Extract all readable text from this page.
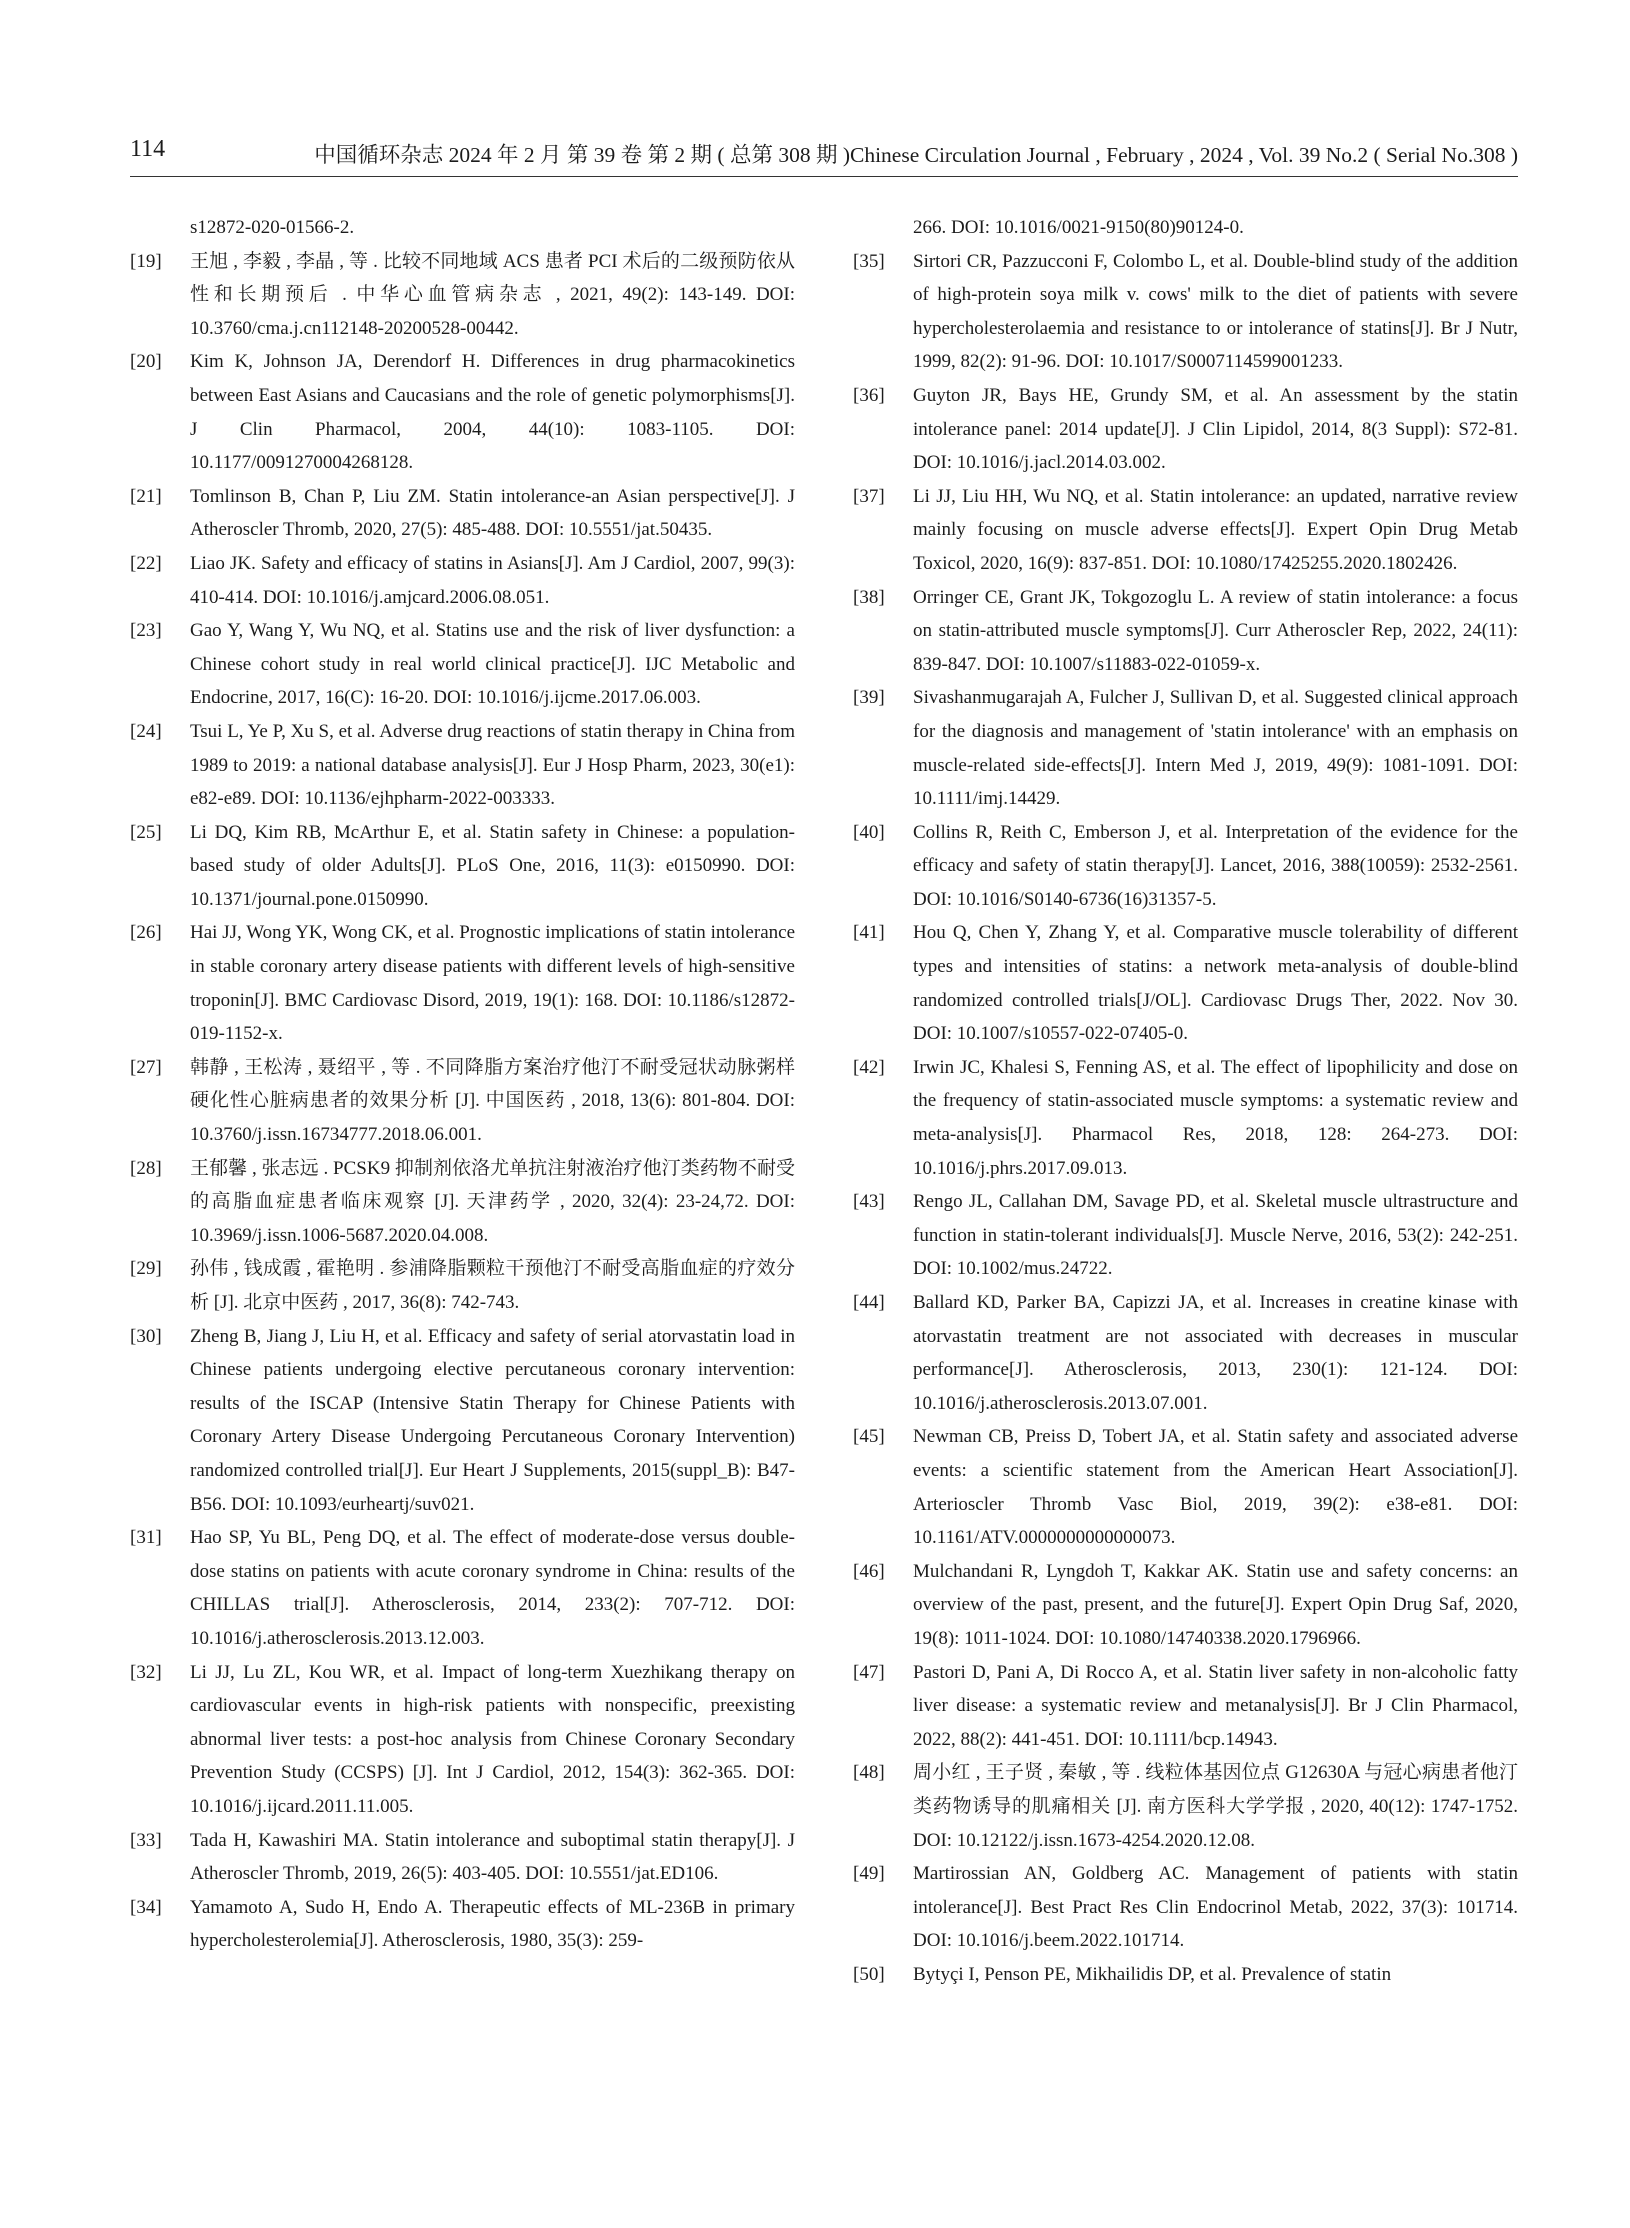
114	中国循环杂志 2024 年 2 月 第 39 卷 第 2 期 ( 总第 308 期 )Chinese Circulation Journal , February , 2024 , Vol. 39 No.2 ( Serial No.308 )
s12872-020-01566-2.
[19]	王旭 , 李毅 , 李晶 , 等 . 比较不同地域 ACS 患者 PCI 术后的二级预防依从性和长期预后 . 中华心血管病杂志 , 2021, 49(2): 143-149. DOI: 10.3760/cma.j.cn112148-20200528-00442.
[20]	Kim K, Johnson JA, Derendorf H. Differences in drug pharmacokinetics between East Asians and Caucasians and the role of genetic polymorphisms[J]. J Clin Pharmacol, 2004, 44(10): 1083-1105. DOI: 10.1177/0091270004268128.
[21]	Tomlinson B, Chan P, Liu ZM. Statin intolerance-an Asian perspective[J]. J Atheroscler Thromb, 2020, 27(5): 485-488. DOI: 10.5551/jat.50435.
[22]	Liao JK. Safety and efficacy of statins in Asians[J]. Am J Cardiol, 2007, 99(3): 410-414. DOI: 10.1016/j.amjcard.2006.08.051.
[23]	Gao Y, Wang Y, Wu NQ, et al. Statins use and the risk of liver dysfunction: a Chinese cohort study in real world clinical practice[J]. IJC Metabolic and Endocrine, 2017, 16(C): 16-20. DOI: 10.1016/j.ijcme.2017.06.003.
[24]	Tsui L, Ye P, Xu S, et al. Adverse drug reactions of statin therapy in China from 1989 to 2019: a national database analysis[J]. Eur J Hosp Pharm, 2023, 30(e1): e82-e89. DOI: 10.1136/ejhpharm-2022-003333.
[25]	Li DQ, Kim RB, McArthur E, et al. Statin safety in Chinese: a population-based study of older Adults[J]. PLoS One, 2016, 11(3): e0150990. DOI: 10.1371/journal.pone.0150990.
[26]	Hai JJ, Wong YK, Wong CK, et al. Prognostic implications of statin intolerance in stable coronary artery disease patients with different levels of high-sensitive troponin[J]. BMC Cardiovasc Disord, 2019, 19(1): 168. DOI: 10.1186/s12872-019-1152-x.
[27]	韩静 , 王松涛 , 聂绍平 , 等 . 不同降脂方案治疗他汀不耐受冠状动脉粥样硬化性心脏病患者的效果分析 [J]. 中国医药 , 2018, 13(6): 801-804. DOI: 10.3760/j.issn.16734777.2018.06.001.
[28]	王郁馨 , 张志远 . PCSK9 抑制剂依洛尤单抗注射液治疗他汀类药物不耐受的高脂血症患者临床观察 [J]. 天津药学 , 2020, 32(4): 23-24,72. DOI: 10.3969/j.issn.1006-5687.2020.04.008.
[29]	孙伟 , 钱成霞 , 霍艳明 . 参浦降脂颗粒干预他汀不耐受高脂血症的疗效分析 [J]. 北京中医药 , 2017, 36(8): 742-743.
[30]	Zheng B, Jiang J, Liu H, et al. Efficacy and safety of serial atorvastatin load in Chinese patients undergoing elective percutaneous coronary intervention: results of the ISCAP (Intensive Statin Therapy for Chinese Patients with Coronary Artery Disease Undergoing Percutaneous Coronary Intervention) randomized controlled trial[J]. Eur Heart J Supplements, 2015(suppl_B): B47-B56. DOI: 10.1093/eurheartj/suv021.
[31]	Hao SP, Yu BL, Peng DQ, et al. The effect of moderate-dose versus double-dose statins on patients with acute coronary syndrome in China: results of the CHILLAS trial[J]. Atherosclerosis, 2014, 233(2): 707-712. DOI: 10.1016/j.atherosclerosis.2013.12.003.
[32]	Li JJ, Lu ZL, Kou WR, et al. Impact of long-term Xuezhikang therapy on cardiovascular events in high-risk patients with nonspecific, preexisting abnormal liver tests: a post-hoc analysis from Chinese Coronary Secondary Prevention Study (CCSPS) [J]. Int J Cardiol, 2012, 154(3): 362-365. DOI: 10.1016/j.ijcard.2011.11.005.
[33]	Tada H, Kawashiri MA. Statin intolerance and suboptimal statin therapy[J]. J Atheroscler Thromb, 2019, 26(5): 403-405. DOI: 10.5551/jat.ED106.
[34]	Yamamoto A, Sudo H, Endo A. Therapeutic effects of ML-236B in primary hypercholesterolemia[J]. Atherosclerosis, 1980, 35(3): 259-
266. DOI: 10.1016/0021-9150(80)90124-0.
[35]	Sirtori CR, Pazzucconi F, Colombo L, et al. Double-blind study of the addition of high-protein soya milk v. cows' milk to the diet of patients with severe hypercholesterolaemia and resistance to or intolerance of statins[J]. Br J Nutr, 1999, 82(2): 91-96. DOI: 10.1017/S0007114599001233.
[36]	Guyton JR, Bays HE, Grundy SM, et al. An assessment by the statin intolerance panel: 2014 update[J]. J Clin Lipidol, 2014, 8(3 Suppl): S72-81. DOI: 10.1016/j.jacl.2014.03.002.
[37]	Li JJ, Liu HH, Wu NQ, et al. Statin intolerance: an updated, narrative review mainly focusing on muscle adverse effects[J]. Expert Opin Drug Metab Toxicol, 2020, 16(9): 837-851. DOI: 10.1080/17425255.2020.1802426.
[38]	Orringer CE, Grant JK, Tokgozoglu L. A review of statin intolerance: a focus on statin-attributed muscle symptoms[J]. Curr Atheroscler Rep, 2022, 24(11): 839-847. DOI: 10.1007/s11883-022-01059-x.
[39]	Sivashanmugarajah A, Fulcher J, Sullivan D, et al. Suggested clinical approach for the diagnosis and management of 'statin intolerance' with an emphasis on muscle-related side-effects[J]. Intern Med J, 2019, 49(9): 1081-1091. DOI: 10.1111/imj.14429.
[40]	Collins R, Reith C, Emberson J, et al. Interpretation of the evidence for the efficacy and safety of statin therapy[J]. Lancet, 2016, 388(10059): 2532-2561. DOI: 10.1016/S0140-6736(16)31357-5.
[41]	Hou Q, Chen Y, Zhang Y, et al. Comparative muscle tolerability of different types and intensities of statins: a network meta-analysis of double-blind randomized controlled trials[J/OL]. Cardiovasc Drugs Ther, 2022. Nov 30. DOI: 10.1007/s10557-022-07405-0.
[42]	Irwin JC, Khalesi S, Fenning AS, et al. The effect of lipophilicity and dose on the frequency of statin-associated muscle symptoms: a systematic review and meta-analysis[J]. Pharmacol Res, 2018, 128: 264-273. DOI: 10.1016/j.phrs.2017.09.013.
[43]	Rengo JL, Callahan DM, Savage PD, et al. Skeletal muscle ultrastructure and function in statin-tolerant individuals[J]. Muscle Nerve, 2016, 53(2): 242-251. DOI: 10.1002/mus.24722.
[44]	Ballard KD, Parker BA, Capizzi JA, et al. Increases in creatine kinase with atorvastatin treatment are not associated with decreases in muscular performance[J]. Atherosclerosis, 2013, 230(1): 121-124. DOI: 10.1016/j.atherosclerosis.2013.07.001.
[45]	Newman CB, Preiss D, Tobert JA, et al. Statin safety and associated adverse events: a scientific statement from the American Heart Association[J]. Arterioscler Thromb Vasc Biol, 2019, 39(2): e38-e81. DOI: 10.1161/ATV.0000000000000073.
[46]	Mulchandani R, Lyngdoh T, Kakkar AK. Statin use and safety concerns: an overview of the past, present, and the future[J]. Expert Opin Drug Saf, 2020, 19(8): 1011-1024. DOI: 10.1080/14740338.2020.1796966.
[47]	Pastori D, Pani A, Di Rocco A, et al. Statin liver safety in non-alcoholic fatty liver disease: a systematic review and metanalysis[J]. Br J Clin Pharmacol, 2022, 88(2): 441-451. DOI: 10.1111/bcp.14943.
[48]	周小红 , 王子贤 , 秦敏 , 等 . 线粒体基因位点 G12630A 与冠心病患者他汀类药物诱导的肌痛相关 [J]. 南方医科大学学报 , 2020, 40(12): 1747-1752. DOI: 10.12122/j.issn.1673-4254.2020.12.08.
[49]	Martirossian AN, Goldberg AC. Management of patients with statin intolerance[J]. Best Pract Res Clin Endocrinol Metab, 2022, 37(3): 101714. DOI: 10.1016/j.beem.2022.101714.
[50]	Bytyçi I, Penson PE, Mikhailidis DP, et al. Prevalence of statin
